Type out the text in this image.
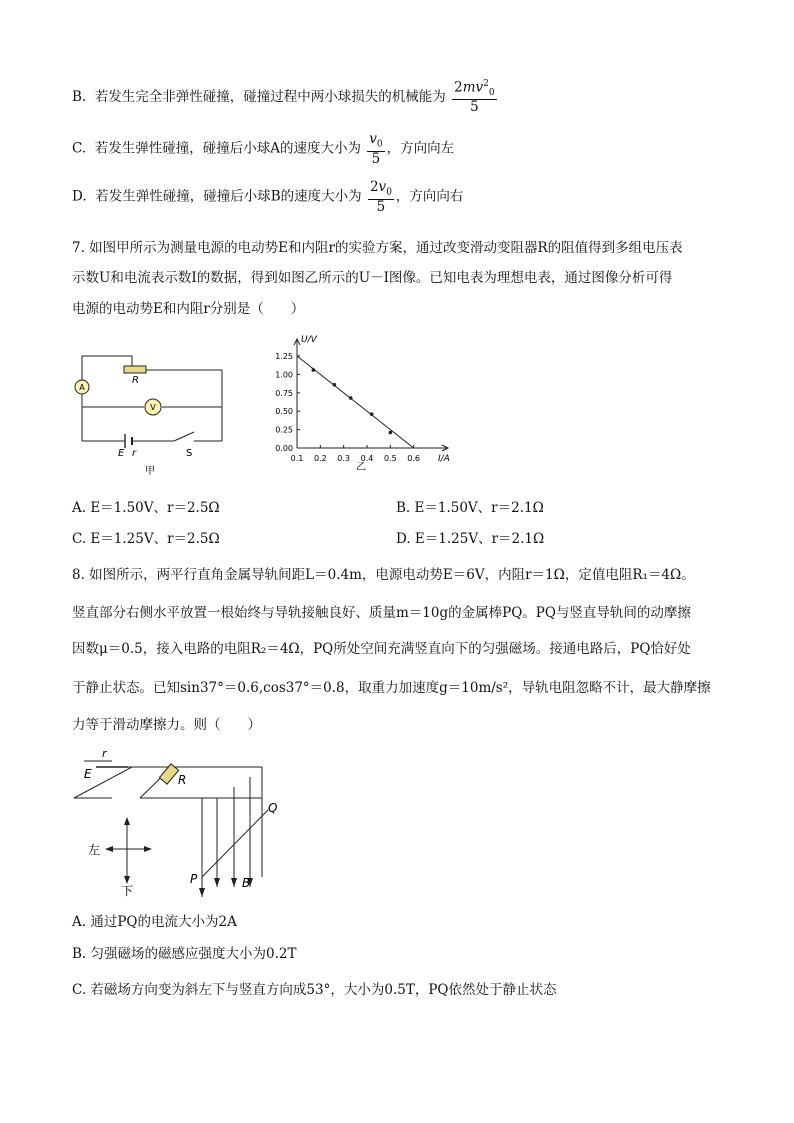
B. 若发生完全非弹性碰撞，碰撞过程中两小球损失的机械能为 $\frac{2mv^2_0}{5}$
C. 若发生弹性碰撞，碰撞后小球A的速度大小为 $\frac{v_0}{5}$ ，方向向左
D. 若发生弹性碰撞，碰撞后小球B的速度大小为 $\frac{2v_0}{5}$ ，方向向右
7. 如图甲所示为测量电源的电动势E和内阻r的实验方案，通过改变滑动变阻器R的阻值得到多组电压表
示数U和电流表示数I的数据，得到如图乙所示的U－I图像。已知电表为理想电表，通过图像分析可得
电源的电动势E和内阻r分别是（　　）
A
V
R
E r	S
甲
0.1 0.2 0.3 0.4 0.5 0.6
1.25
1.00
0.75
0.50
0.25
0.00
U/V
I/A
乙
A. E＝1.50V、r＝2.5Ω	B. E＝1.50V、r＝2.1Ω
C. E＝1.25V、r＝2.5Ω	D. E＝1.25V、r＝2.1Ω
8. 如图所示，两平行直角金属导轨间距L＝0.4m，电源电动势E＝6V，内阻r＝1Ω，定值电阻R₁＝4Ω。
竖直部分右侧水平放置一根始终与导轨接触良好、质量m＝10g的金属棒PQ。PQ与竖直导轨间的动摩擦
因数μ＝0.5，接入电路的电阻R₂＝4Ω，PQ所处空间充满竖直向下的匀强磁场。接通电路后，PQ恰好处
于静止状态。已知sin37°＝0.6,cos37°＝0.8，取重力加速度g＝10m/s²，导轨电阻忽略不计，最大静摩擦
力等于滑动摩擦力。则（　　）
r
E	R
Q
P	B
左
下
A. 通过PQ的电流大小为2A
B. 匀强磁场的磁感应强度大小为0.2T
C. 若磁场方向变为斜左下与竖直方向成53°，大小为0.5T，PQ依然处于静止状态
